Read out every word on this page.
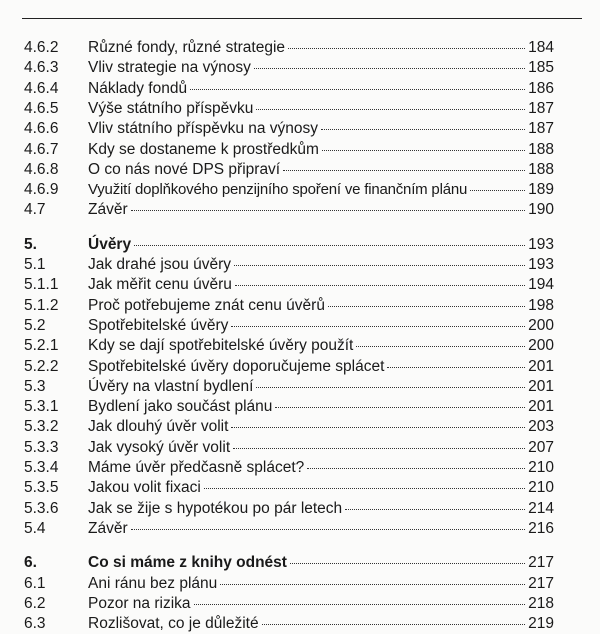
4.6.2	Různé fondy, různé strategie	184
4.6.3	Vliv strategie na výnosy	185
4.6.4	Náklady fondů	186
4.6.5	Výše státního příspěvku	187
4.6.6	Vliv státního příspěvku na výnosy	187
4.6.7	Kdy se dostaneme k prostředkům	188
4.6.8	O co nás nové DPS připraví	188
4.6.9	Využití doplňkového penzijního spoření ve finančním plánu	189
4.7	Závěr	190
5.	Úvěry	193
5.1	Jak drahé jsou úvěry	193
5.1.1	Jak měřit cenu úvěru	194
5.1.2	Proč potřebujeme znát cenu úvěrů	198
5.2	Spotřebitelské úvěry	200
5.2.1	Kdy se dají spotřebitelské úvěry použít	200
5.2.2	Spotřebitelské úvěry doporučujeme splácet	201
5.3	Úvěry na vlastní bydlení	201
5.3.1	Bydlení jako součást plánu	201
5.3.2	Jak dlouhý úvěr volit	203
5.3.3	Jak vysoký úvěr volit	207
5.3.4	Máme úvěr předčasně splácet?	210
5.3.5	Jakou volit fixaci	210
5.3.6	Jak se žije s hypotékou po pár letech	214
5.4	Závěr	216
6.	Co si máme z knihy odnést	217
6.1	Ani ránu bez plánu	217
6.2	Pozor na rizika	218
6.3	Rozlišovat, co je důležité	219
